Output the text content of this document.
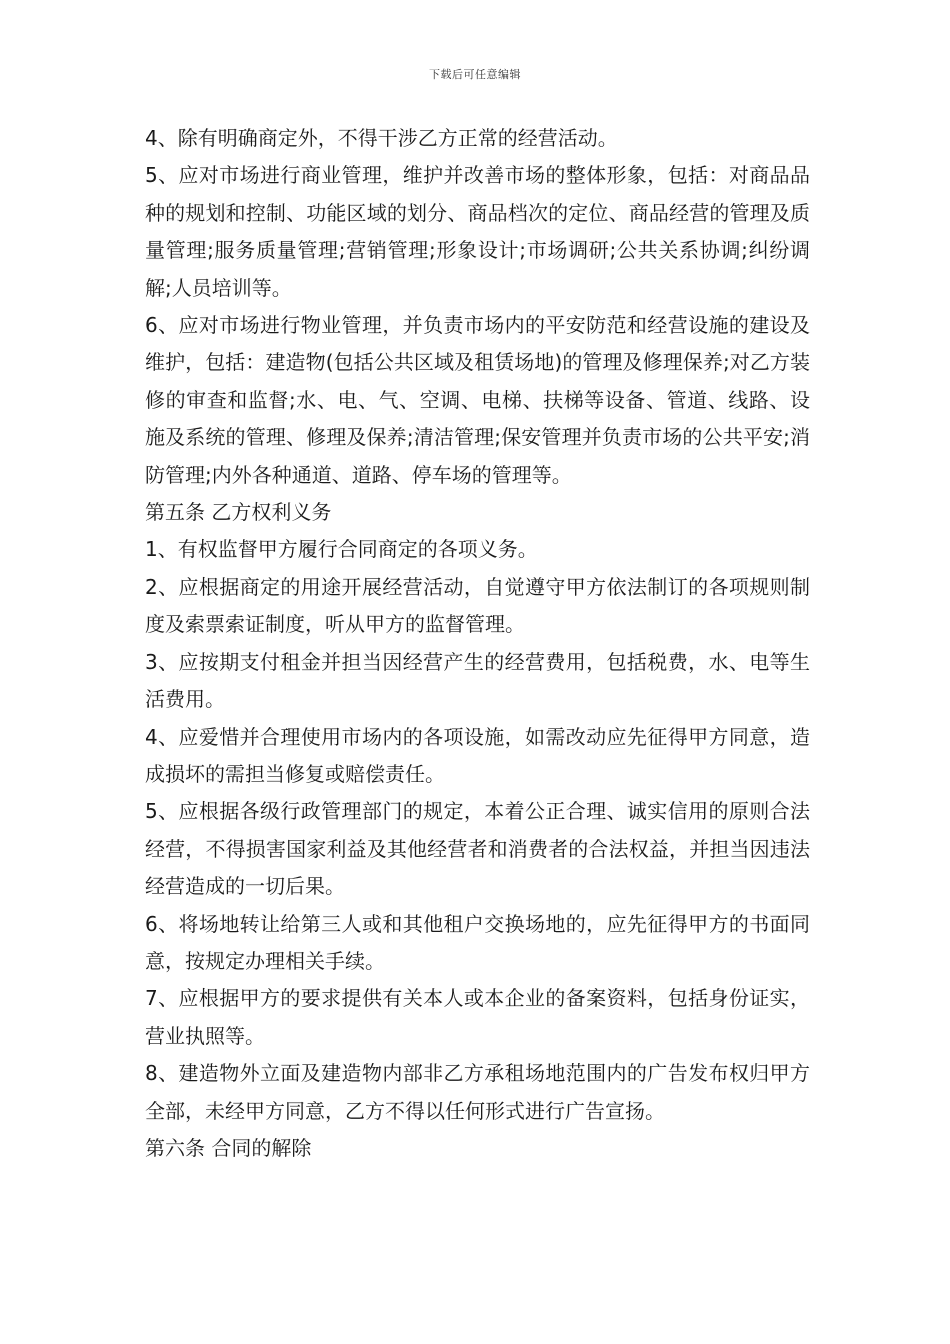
下载后可任意编辑

4、除有明确商定外，不得干涉乙方正常的经营活动。

5、应对市场进行商业管理，维护并改善市场的整体形象，包括：对商品品种的规划和控制、功能区域的划分、商品档次的定位、商品经营的管理及质量管理;服务质量管理;营销管理;形象设计;市场调研;公共关系协调;纠纷调解;人员培训等。

6、应对市场进行物业管理，并负责市场内的平安防范和经营设施的建设及维护，包括：建造物(包括公共区域及租赁场地)的管理及修理保养;对乙方装修的审查和监督;水、电、气、空调、电梯、扶梯等设备、管道、线路、设施及系统的管理、修理及保养;清洁管理;保安管理并负责市场的公共平安;消防管理;内外各种通道、道路、停车场的管理等。

第五条 乙方权利义务

1、有权监督甲方履行合同商定的各项义务。

2、应根据商定的用途开展经营活动，自觉遵守甲方依法制订的各项规则制度及索票索证制度，听从甲方的监督管理。

3、应按期支付租金并担当因经营产生的经营费用，包括税费，水、电等生活费用。

4、应爱惜并合理使用市场内的各项设施，如需改动应先征得甲方同意，造成损坏的需担当修复或赔偿责任。

5、应根据各级行政管理部门的规定，本着公正合理、诚实信用的原则合法经营，不得损害国家利益及其他经营者和消费者的合法权益，并担当因违法经营造成的一切后果。

6、将场地转让给第三人或和其他租户交换场地的，应先征得甲方的书面同意，按规定办理相关手续。

7、应根据甲方的要求提供有关本人或本企业的备案资料，包括身份证实，营业执照等。

8、建造物外立面及建造物内部非乙方承租场地范围内的广告发布权归甲方全部，未经甲方同意，乙方不得以任何形式进行广告宣扬。

第六条 合同的解除
